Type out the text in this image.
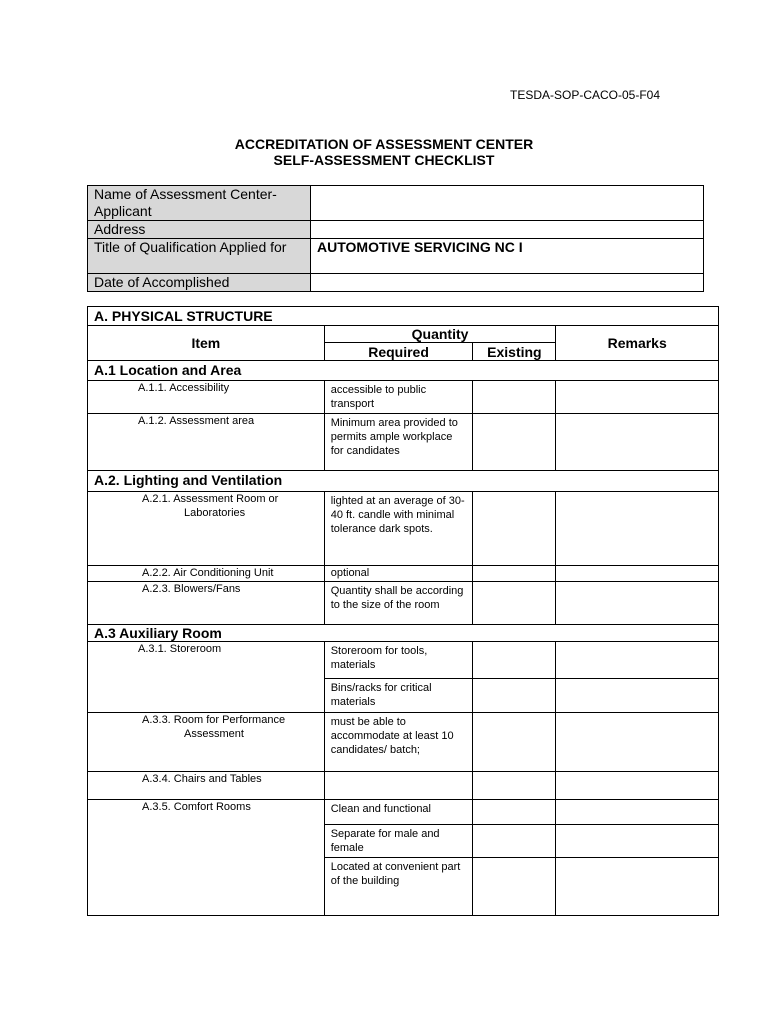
TESDA-SOP-CACO-05-F04
ACCREDITATION OF ASSESSMENT CENTER
SELF-ASSESSMENT CHECKLIST
Name of Assessment Center- Applicant	
Address	
Title of Qualification Applied for	AUTOMOTIVE SERVICING NC I
Date of Accomplished	
A. PHYSICAL STRUCTURE			
Item	Quantity		Remarks
	Required	Existing	
A.1 Location and Area			
A.1.1. Accessibility	accessible to public transport		
A.1.2. Assessment area	Minimum area provided to permits ample workplace for candidates		
A.2. Lighting and Ventilation			
A.2.1. Assessment Room or
Laboratories	lighted at an average of 30-40 ft. candle with minimal tolerance dark spots.		
A.2.2. Air Conditioning Unit	optional		
A.2.3. Blowers/Fans	Quantity shall be according to the size of the room		
A.3 Auxiliary Room			
A.3.1. Storeroom	Storeroom for tools, materials		
	Bins/racks for critical materials		
A.3.3. Room for Performance
Assessment	must be able to accommodate at least 10 candidates/ batch;		
A.3.4. Chairs and Tables			
A.3.5. Comfort Rooms	Clean and functional		
	Separate for male and female		
	Located at convenient part of the building		
